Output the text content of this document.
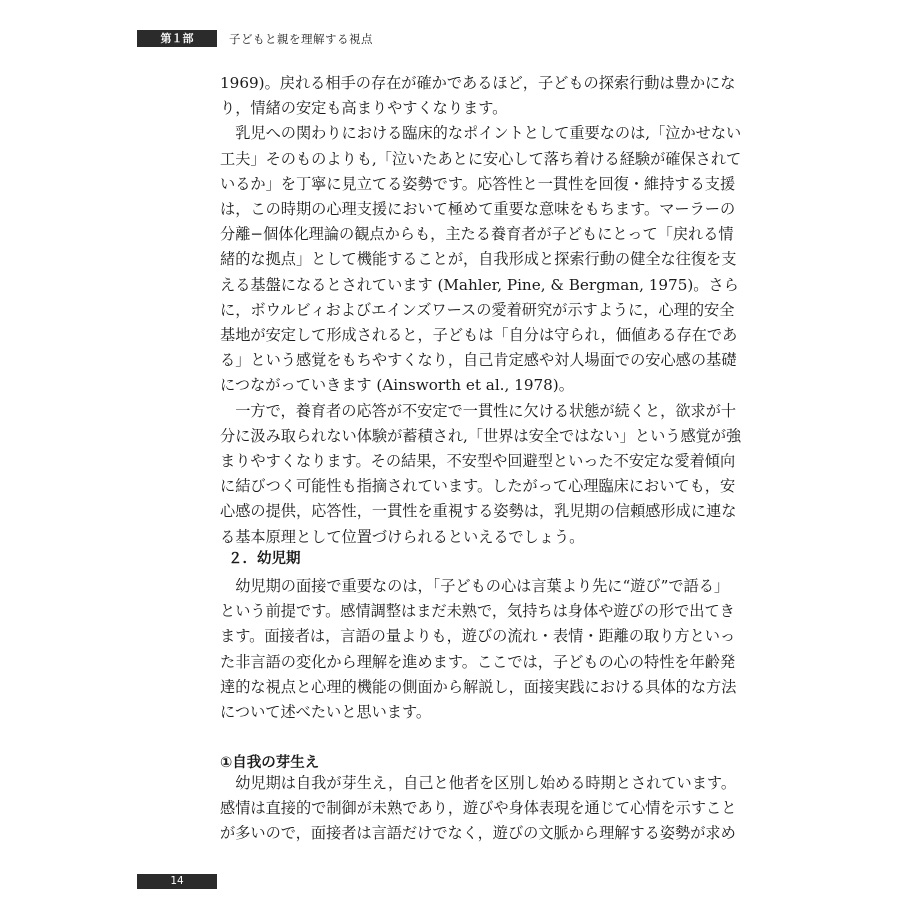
第１部	子どもと親を理解する視点

1969)。戻れる相手の存在が確かであるほど，子どもの探索行動は豊かにな

り，情緒の安定も高まりやすくなります。

　乳児への関わりにおける臨床的なポイントとして重要なのは,「泣かせない

工夫」そのものよりも,「泣いたあとに安心して落ち着ける経験が確保されて

いるか」を丁寧に見立てる姿勢です。応答性と一貫性を回復・維持する支援

は，この時期の心理支援において極めて重要な意味をもちます。マーラーの

分離−個体化理論の観点からも，主たる養育者が子どもにとって「戻れる情

緒的な拠点」として機能することが，自我形成と探索行動の健全な往復を支

える基盤になるとされています (Mahler, Pine, & Bergman, 1975)。さら

に，ボウルビィおよびエインズワースの愛着研究が示すように，心理的安全

基地が安定して形成されると，子どもは「自分は守られ，価値ある存在であ

る」という感覚をもちやすくなり，自己肯定感や対人場面での安心感の基礎

につながっていきます (Ainsworth et al., 1978)。

　一方で，養育者の応答が不安定で一貫性に欠ける状態が続くと，欲求が十

分に汲み取られない体験が蓄積され,「世界は安全ではない」という感覚が強

まりやすくなります。その結果，不安型や回避型といった不安定な愛着傾向

に結びつく可能性も指摘されています。したがって心理臨床においても，安

心感の提供，応答性，一貫性を重視する姿勢は，乳児期の信頼感形成に連な

る基本原理として位置づけられるといえるでしょう。

２．幼児期

　幼児期の面接で重要なのは，「子どもの心は言葉より先に“遊び”で語る」

という前提です。感情調整はまだ未熟で，気持ちは身体や遊びの形で出てき

ます。面接者は，言語の量よりも，遊びの流れ・表情・距離の取り方といっ

た非言語の変化から理解を進めます。ここでは，子どもの心の特性を年齢発

達的な視点と心理的機能の側面から解説し，面接実践における具体的な方法

について述べたいと思います。

①自我の芽生え

　幼児期は自我が芽生え，自己と他者を区別し始める時期とされています。

感情は直接的で制御が未熟であり，遊びや身体表現を通じて心情を示すこと

が多いので，面接者は言語だけでなく，遊びの文脈から理解する姿勢が求め

14
